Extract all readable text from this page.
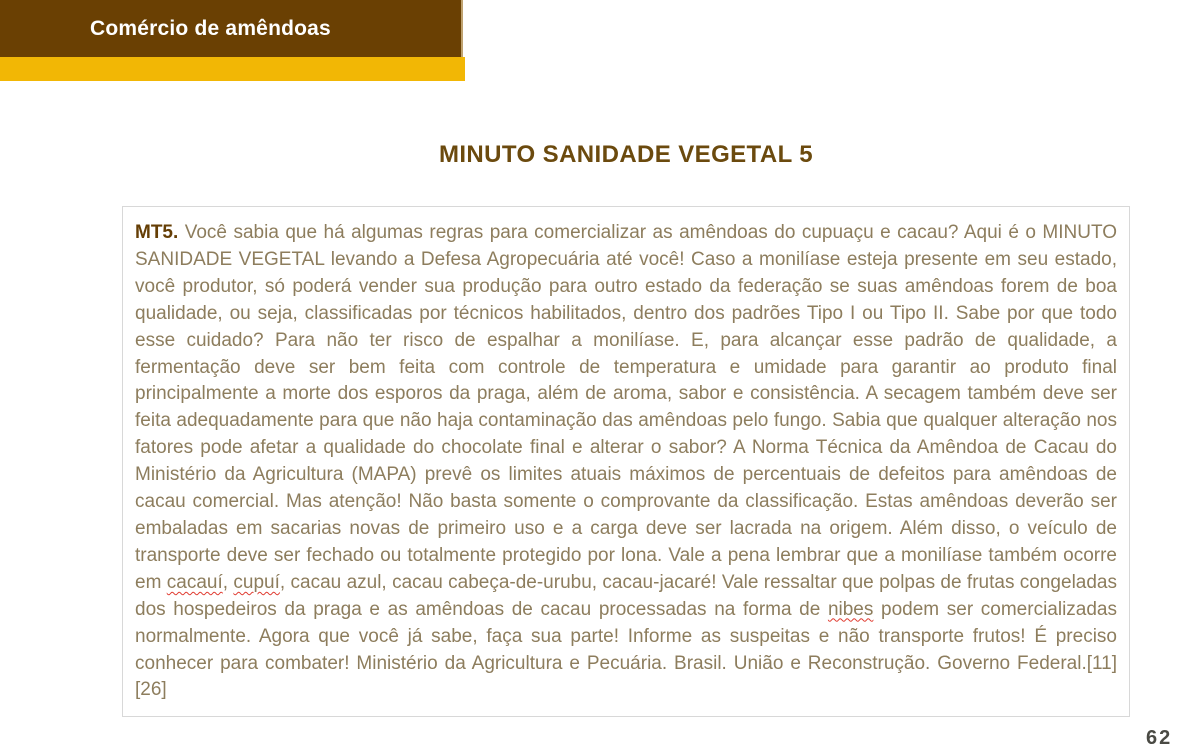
Comércio de amêndoas
MINUTO SANIDADE VEGETAL 5

MT5. Você sabia que há algumas regras para comercializar as amêndoas do cupuaçu e cacau? Aqui é o MINUTO SANIDADE VEGETAL levando a Defesa Agropecuária até você! Caso a monilíase esteja presente em seu estado, você produtor, só poderá vender sua produção para outro estado da federação se suas amêndoas forem de boa qualidade, ou seja, classificadas por técnicos habilitados, dentro dos padrões Tipo I ou Tipo II. Sabe por que todo esse cuidado? Para não ter risco de espalhar a monilíase. E, para alcançar esse padrão de qualidade, a fermentação deve ser bem feita com controle de temperatura e umidade para garantir ao produto final principalmente a morte dos esporos da praga, além de aroma, sabor e consistência. A secagem também deve ser feita adequadamente para que não haja contaminação das amêndoas pelo fungo. Sabia que qualquer alteração nos fatores pode afetar a qualidade do chocolate final e alterar o sabor? A Norma Técnica da Amêndoa de Cacau do Ministério da Agricultura (MAPA) prevê os limites atuais máximos de percentuais de defeitos para amêndoas de cacau comercial. Mas atenção! Não basta somente o comprovante da classificação. Estas amêndoas deverão ser embaladas em sacarias novas de primeiro uso e a carga deve ser lacrada na origem. Além disso, o veículo de transporte deve ser fechado ou totalmente protegido por lona. Vale a pena lembrar que a monilíase também ocorre em cacauí, cupuí, cacau azul, cacau cabeça-de-urubu, cacau-jacaré! Vale ressaltar que polpas de frutas congeladas dos hospedeiros da praga e as amêndoas de cacau processadas na forma de nibes podem ser comercializadas normalmente. Agora que você já sabe, faça sua parte! Informe as suspeitas e não transporte frutos! É preciso conhecer para combater! Ministério da Agricultura e Pecuária. Brasil. União e Reconstrução. Governo Federal.[11] [26]

62
